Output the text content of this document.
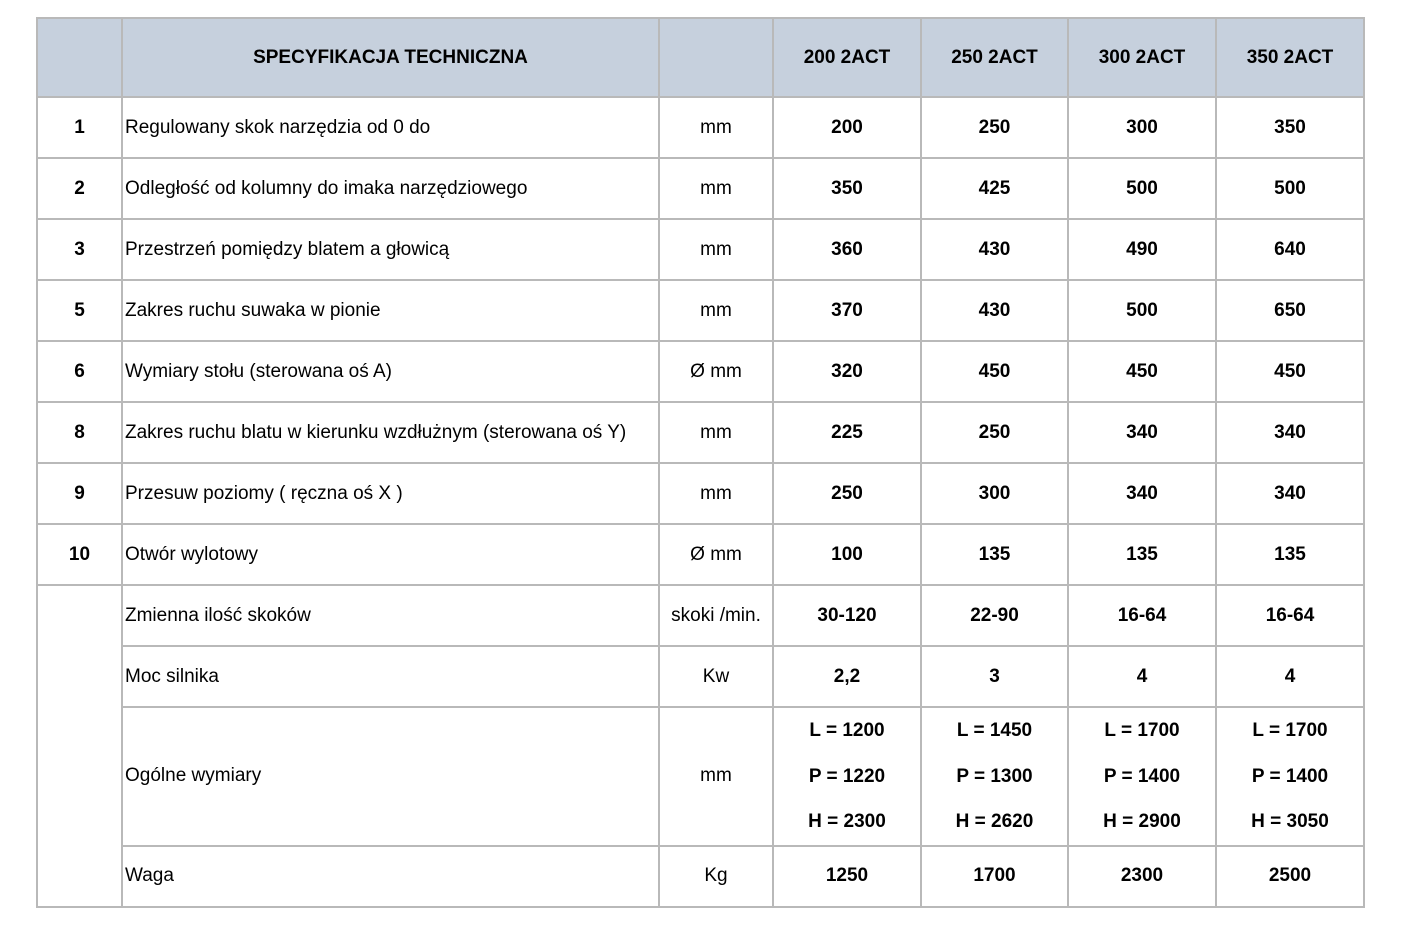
	SPECYFIKACJA TECHNICZNA		200 2ACT	250 2ACT	300 2ACT	350 2ACT
1	Regulowany skok narzędzia od 0 do	mm	200	250	300	350
2	Odległość od kolumny do imaka narzędziowego	mm	350	425	500	500
3	Przestrzeń pomiędzy blatem a głowicą	mm	360	430	490	640
5	Zakres ruchu suwaka w pionie	mm	370	430	500	650
6	Wymiary stołu (sterowana oś A)	Ø mm	320	450	450	450
8	Zakres ruchu blatu w kierunku wzdłużnym (sterowana oś Y)	mm	225	250	340	340
9	Przesuw poziomy ( ręczna oś X )	mm	250	300	340	340
10	Otwór wylotowy	Ø mm	100	135	135	135
	Zmienna ilość skoków	skoki /min.	30-120	22-90	16-64	16-64
	Moc silnika	Kw	2,2	3	4	4
	Ogólne wymiary	mm	L = 1200
P = 1220
H = 2300	L = 1450
P = 1300
H = 2620	L = 1700
P = 1400
H = 2900	L = 1700
P = 1400
H = 3050

	Waga	Kg	1250	1700	2300	2500
